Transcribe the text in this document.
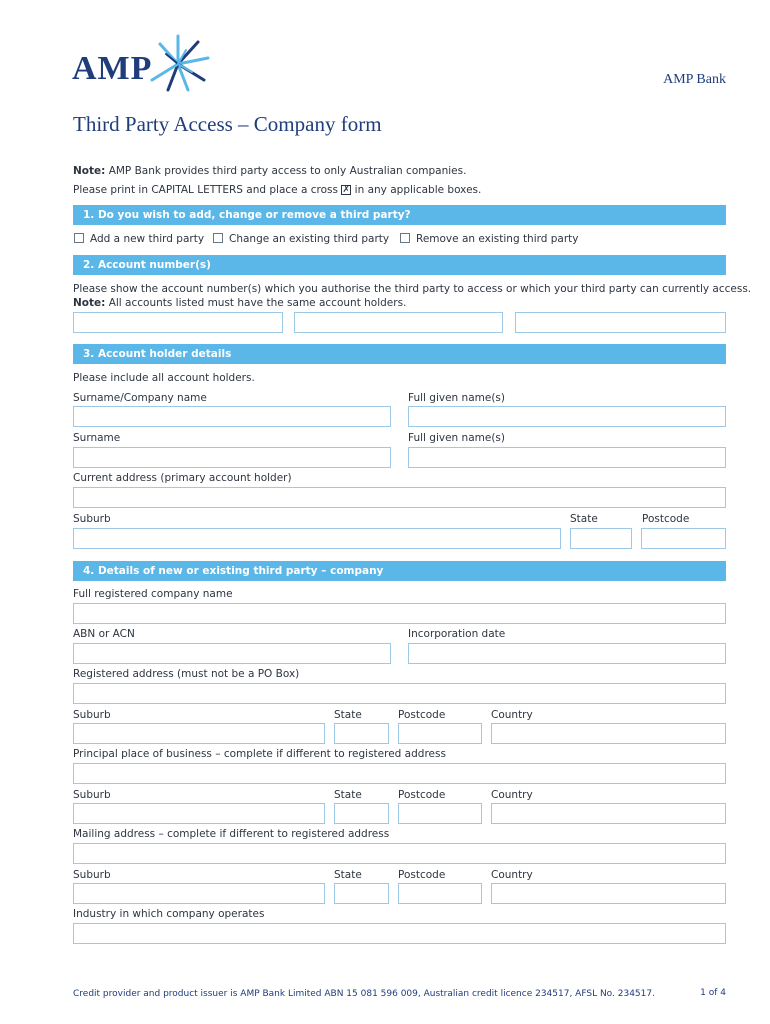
AMP	AMP Bank
Third Party Access – Company form
Note: AMP Bank provides third party access to only Australian companies.
Please print in CAPITAL LETTERS and place a cross ✗ in any applicable boxes.
1. Do you wish to add, change or remove a third party?
Add a new third party Change an existing third party	Remove an existing third party
2. Account number(s)
Please show the account number(s) which you authorise the third party to access or which your third party can currently access.
Note: All accounts listed must have the same account holders.
3. Account holder details
Please include all account holders.
Surname/Company name	Full given name(s)
Surname	Full given name(s)
Current address (primary account holder)
Suburb	State	Postcode
4. Details of new or existing third party – company
Full registered company name
ABN or ACN	Incorporation date
Registered address (must not be a PO Box)
Suburb	State	Postcode	Country
Principal place of business – complete if different to registered address
Suburb	State	Postcode	Country
Mailing address – complete if different to registered address
Suburb	State	Postcode	Country
Industry in which company operates
Credit provider and product issuer is AMP Bank Limited ABN 15 081 596 009, Australian credit licence 234517, AFSL No. 234517.	1 of 4
